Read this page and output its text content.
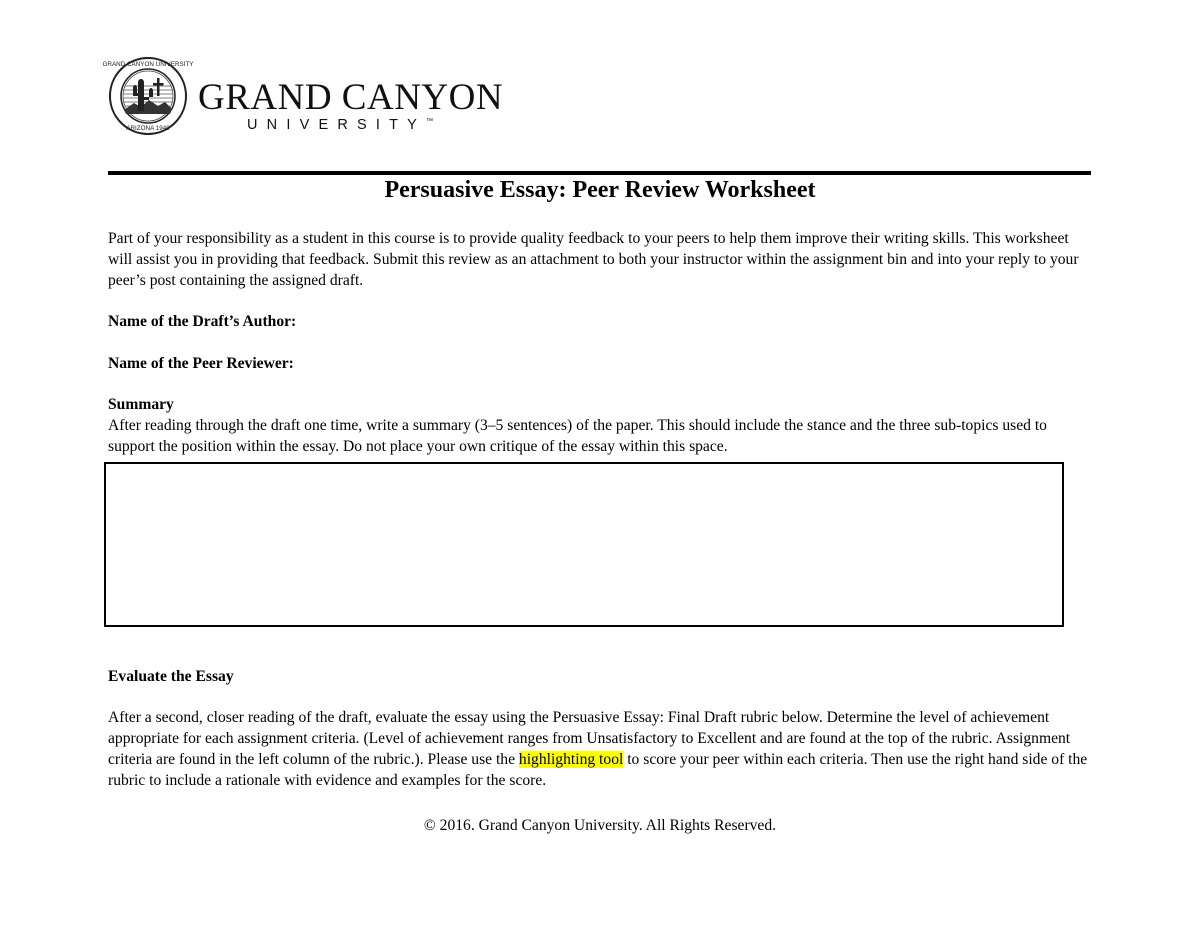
GRAND CANYON UNIVERSITY
ARIZONA 1949
GRAND CANYON
UNIVERSITY™
Persuasive Essay: Peer Review Worksheet

Part of your responsibility as a student in this course is to provide quality feedback to your peers to help them improve their writing skills. This worksheet will assist you in providing that feedback. Submit this review as an attachment to both your instructor within the assignment bin and into your reply to your peer’s post containing the assigned draft.

Name of the Draft’s Author:

Name of the Peer Reviewer:

Summary

After reading through the draft one time, write a summary (3–5 sentences) of the paper. This should include the stance and the three sub-topics used to support the position within the essay. Do not place your own critique of the essay within this space.

Evaluate the Essay

After a second, closer reading of the draft, evaluate the essay using the Persuasive Essay: Final Draft rubric below. Determine the level of achievement appropriate for each assignment criteria. (Level of achievement ranges from Unsatisfactory to Excellent and are found at the top of the rubric. Assignment criteria are found in the left column of the rubric.). Please use the highlighting tool to score your peer within each criteria. Then use the right hand side of the rubric to include a rationale with evidence and examples for the score.

© 2016. Grand Canyon University. All Rights Reserved.
